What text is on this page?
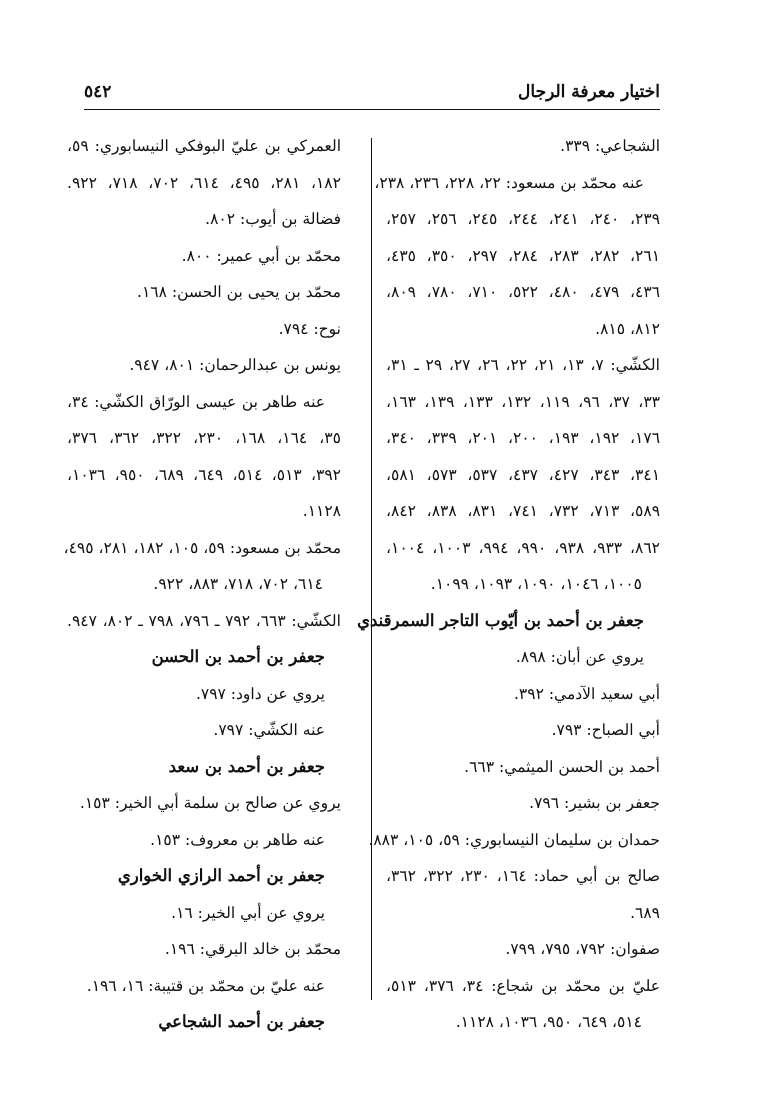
٥٤٢	اختيار معرفة الرجال
الشجاعي: ٣٣٩.
عنه محمّد بن مسعود: ٢٢، ٢٢٨، ٢٣٦، ٢٣٨،
٢٣٩، ٢٤٠، ٢٤١، ٢٤٤، ٢٤٥، ٢٥٦، ٢٥٧،
٢٦١، ٢٨٢، ٢٨٣، ٢٨٤، ٢٩٧، ٣٥٠، ٤٣٥،
٤٣٦، ٤٧٩، ٤٨٠، ٥٢٢، ٧١٠، ٧٨٠، ٨٠٩،
٨١٢، ٨١٥.
الكشّي: ٧، ١٣، ٢١، ٢٢، ٢٦، ٢٧، ٢٩ ـ ٣١،
٣٣، ٣٧، ٩٦، ١١٩، ١٣٢، ١٣٣، ١٣٩، ١٦٣،
١٧٦، ١٩٢، ١٩٣، ٢٠٠، ٢٠١، ٣٣٩، ٣٤٠،
٣٤١، ٣٤٣، ٤٢٧، ٤٣٧، ٥٣٧، ٥٧٣، ٥٨١،
٥٨٩، ٧١٣، ٧٣٢، ٧٤١، ٨٣١، ٨٣٨، ٨٤٢،
٨٦٢، ٩٣٣، ٩٣٨، ٩٩٠، ٩٩٤، ١٠٠٣، ١٠٠٤،
١٠٠٥، ١٠٤٦، ١٠٩٠، ١٠٩٣، ١٠٩٩.
جعفر بن أحمد بن أيّوب التاجر السمرقندي
يروي عن أبان: ٨٩٨.
أبي سعيد الآدمي: ٣٩٢.
أبي الصباح: ٧٩٣.
أحمد بن الحسن الميثمي: ٦٦٣.
جعفر بن بشير: ٧٩٦.
حمدان بن سليمان النيسابوري: ٥٩، ١٠٥، ٨٨٣.
صالح بن أبي حماد: ١٦٤، ٢٣٠، ٣٢٢، ٣٦٢،
٦٨٩.
صفوان: ٧٩٢، ٧٩٥، ٧٩٩.
عليّ بن محمّد بن شجاع: ٣٤، ٣٧٦، ٥١٣،
٥١٤، ٦٤٩، ٩٥٠، ١٠٣٦، ١١٢٨.
العمركي بن عليّ البوفكي النيسابوري: ٥٩،
١٨٢، ٢٨١، ٤٩٥، ٦١٤، ٧٠٢، ٧١٨، ٩٢٢.
فضالة بن أيوب: ٨٠٢.
محمّد بن أبي عمير: ٨٠٠.
محمّد بن يحيى بن الحسن: ١٦٨.
نوح: ٧٩٤.
يونس بن عبدالرحمان: ٨٠١، ٩٤٧.
عنه طاهر بن عيسى الورّاق الكشّي: ٣٤،
٣٥، ١٦٤، ١٦٨، ٢٣٠، ٣٢٢، ٣٦٢، ٣٧٦،
٣٩٢، ٥١٣، ٥١٤، ٦٤٩، ٦٨٩، ٩٥٠، ١٠٣٦،
١١٢٨.
محمّد بن مسعود: ٥٩، ١٠٥، ١٨٢، ٢٨١، ٤٩٥،
٦١٤، ٧٠٢، ٧١٨، ٨٨٣، ٩٢٢.
الكشّي: ٦٦٣، ٧٩٢ ـ ٧٩٦، ٧٩٨ ـ ٨٠٢، ٩٤٧.
جعفر بن أحمد بن الحسن
يروي عن داود: ٧٩٧.
عنه الكشّي: ٧٩٧.
جعفر بن أحمد بن سعد
يروي عن صالح بن سلمة أبي الخير: ١٥٣.
عنه طاهر بن معروف: ١٥٣.
جعفر بن أحمد الرازي الخواري
يروي عن أبي الخير: ١٦.
محمّد بن خالد البرقي: ١٩٦.
عنه عليّ بن محمّد بن قتيبة: ١٦، ١٩٦.
جعفر بن أحمد الشجاعي
